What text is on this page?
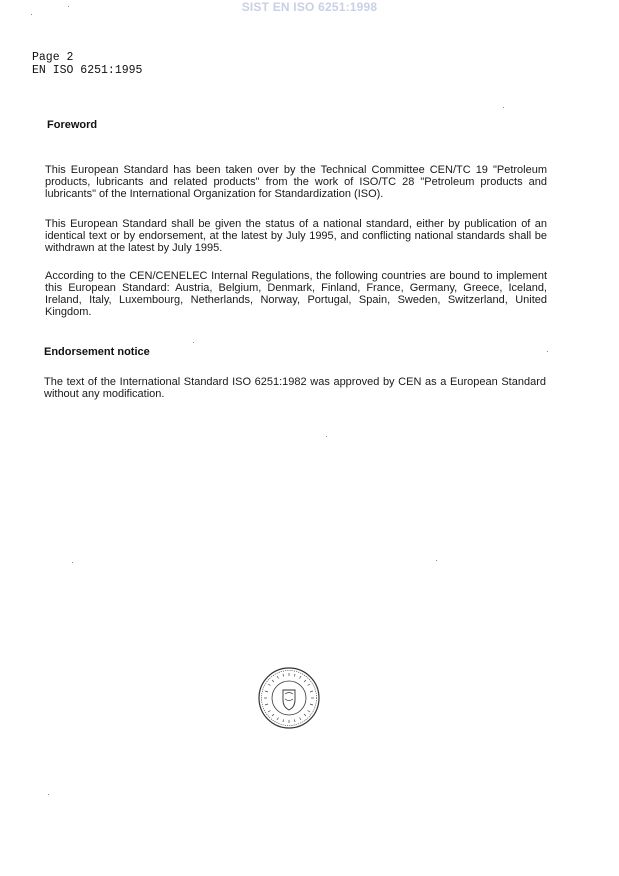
SIST EN ISO 6251:1998
Page 2
EN ISO 6251:1995
Foreword
This European Standard has been taken over by the Technical Committee CEN/TC 19 "Petroleum products, lubricants and related products" from the work of ISO/TC 28 "Petroleum products and lubricants" of the International Organization for Standardization (ISO).
This European Standard shall be given the status of a national standard, either by publication of an identical text or by endorsement, at the latest by July 1995, and conflicting national standards shall be withdrawn at the latest by July 1995.
According to the CEN/CENELEC Internal Regulations, the following countries are bound to implement this European Standard: Austria, Belgium, Denmark, Finland, France, Germany, Greece, Iceland, Ireland, Italy, Luxembourg, Netherlands, Norway, Portugal, Spain, Sweden, Switzerland, United Kingdom.
Endorsement notice
The text of the International Standard ISO 6251:1982 was approved by CEN as a European Standard without any modification.
